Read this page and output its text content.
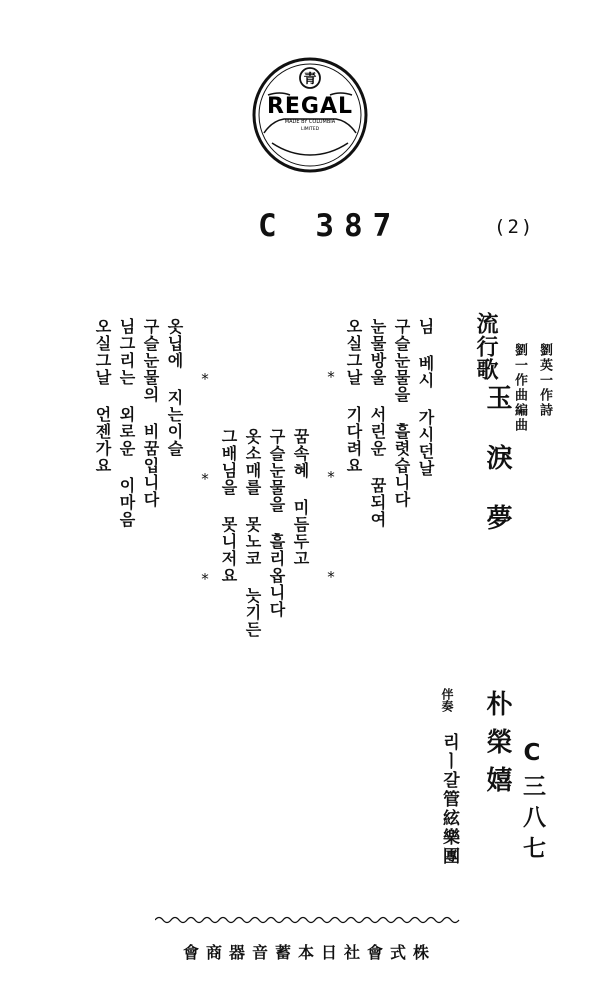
青
REGAL
MADE BY COLUMBIA
LIMITED
C 387	(2)
流行歌
玉淚夢
劉英一作詩
劉一作曲編曲
朴榮嬉
伴奏
리ㅣ갈管絃樂團	C三八七
님 베시 가시던날
구슬눈물을 흘렷습니다
눈물방울 서린운 꿈되여
오실그날 기다려요
* * *
꿈속혜 미듬두고
구슬눈물을 흘리옵니다
옷소매를 못노코 늣기든
그배님을 못니저요
* * *
옷닙에 지는이슬
구슬눈물의 비꿈입니다
님그리는 외로운 이마음
오실그날 언젠가요
會商器音蓄本日社會式株
